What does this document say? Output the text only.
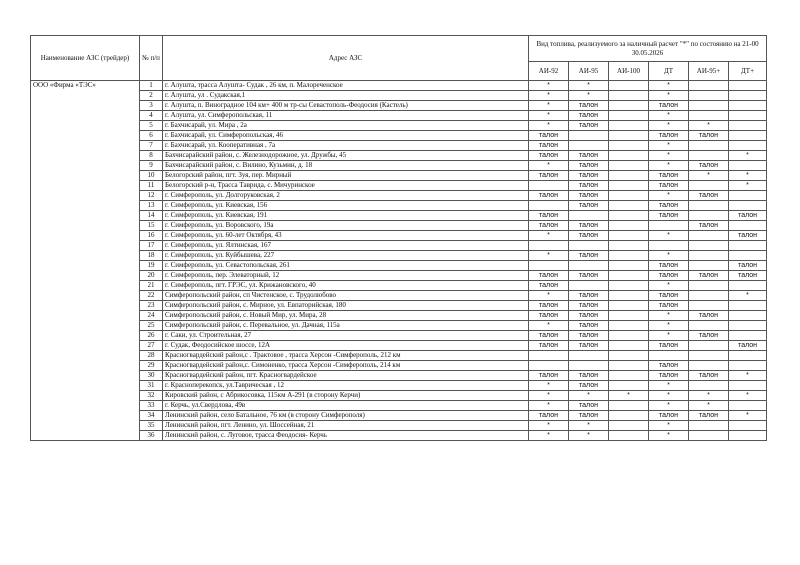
Наименование АЗС (трейдер)	№ п/п	Адрес АЗС	Вид топлива, реализуемого за наличный расчет "*" по состоянию на 21-00 30.05.2026					
			АИ-92	АИ-95	АИ-100	ДТ	АИ-95+	ДТ+
ООО «Фирма «ТЭС»	1	г. Алушта, трасса Алушта- Судак , 26 км, п. Малореченское	*	*		*		
	2	г. Алушта, ул . Судакская,1	*	*		*		
	3	г. Алушта, п. Виноградное 104 км+ 400 м тр-сы Севастополь-Феодосия (Кастель)	*	талон		талон		
	4	г. Алушта, ул. Симферопольская, 11	*	талон		*		
	5	г. Бахчисарай, ул. Мира , 2а	*	талон		*	*	
	6	г. Бахчисарай, ул. Симферопольская, 46	талон			талон	талон	
	7	г. Бахчисарай, ул. Кооперативная , 7а	талон			*		
	8	Бахчисарайский район, с. Железнодорожное, ул. Дружбы, 45	талон	талон		*		*
	9	Бахчисарайский район, с. Вилино, Кузьмин, д. 18	*	талон		*	талон	
	10	Белогорский район, пгт. Зуя, пер. Мирный	талон	талон		талон	*	*
	11	Белогорский р-н, Трасса Таврида, с. Мичуринское		талон		талон		*
	12	г. Симферополь, ул. Долгоруковская, 2	талон	талон		*	талон	
	13	г. Симферополь, ул. Киевская, 156		талон		талон		
	14	г. Симферополь, ул. Киевская, 191	талон			талон		талон
	15	г. Симферополь, ул. Воровского, 19а	талон	талон			талон	
	16	г. Симферополь, ул. 60-лет Октября, 43	*	талон		*		талон
	17	г. Симферополь, ул. Ялтинская, 167						
	18	г. Симферополь, ул. Куйбышева, 227	*	талон		*		
	19	г. Симферополь, ул. Севастопольская, 261				талон		талон
	20	г. Симферополь, пер. Элеваторный, 12	талон	талон		талон	талон	талон
	21	г. Симферополь, пгт. ГРЭС, ул. Крижановского, 40	талон			*		
	22	Симферопольский район, сп Чистенское, с. Трудолюбово	*	талон		талон		*
	23	Симферопольский район, с. Мирное, ул. Евпаторийская, 180	талон	талон		талон		
	24	Симферопольский район, с. Новый Мир, ул. Мира, 28	талон	талон		*	талон	
	25	Симферопольский район, с. Перевальное, ул. Дачная, 115а	*	талон		*		
	26	г. Саки, ул. Строительная, 27	талон	талон		*	талон	
	27	г. Судак, Феодосийское шоссе, 12А	талон	талон		талон		талон
	28	Красногвардейский район,с . Трактовое , трасса Херсон -Симферополь, 212 км						
	29	Красногвардейский район,с. Симоненко, трасса Херсон -Симферополь, 214 км				талон		
	30	Красногвардейский район, пгт. Красногвардейское	талон	талон		талон	талон	*
	31	г. Красноперекопск, ул.Таврическая , 12	*	талон		*		
	32	Кировский район, с Абрикосовка, 115км А-291 (в сторону Керчи)	*	*	*	*	*	*
	33	г. Керчь, ул.Свердлова, 49в	*	талон		*	*	
	34	Ленинский район, село Батальное, 76 км (в сторону Симферополя)	талон	талон		талон	талон	*
	35	Ленинский район, пгт. Ленино, ул. Шоссейная, 21	*	*		*		
	36	Ленинский район, с. Луговое, трасса Феодосия- Керчь	*	*		*		
